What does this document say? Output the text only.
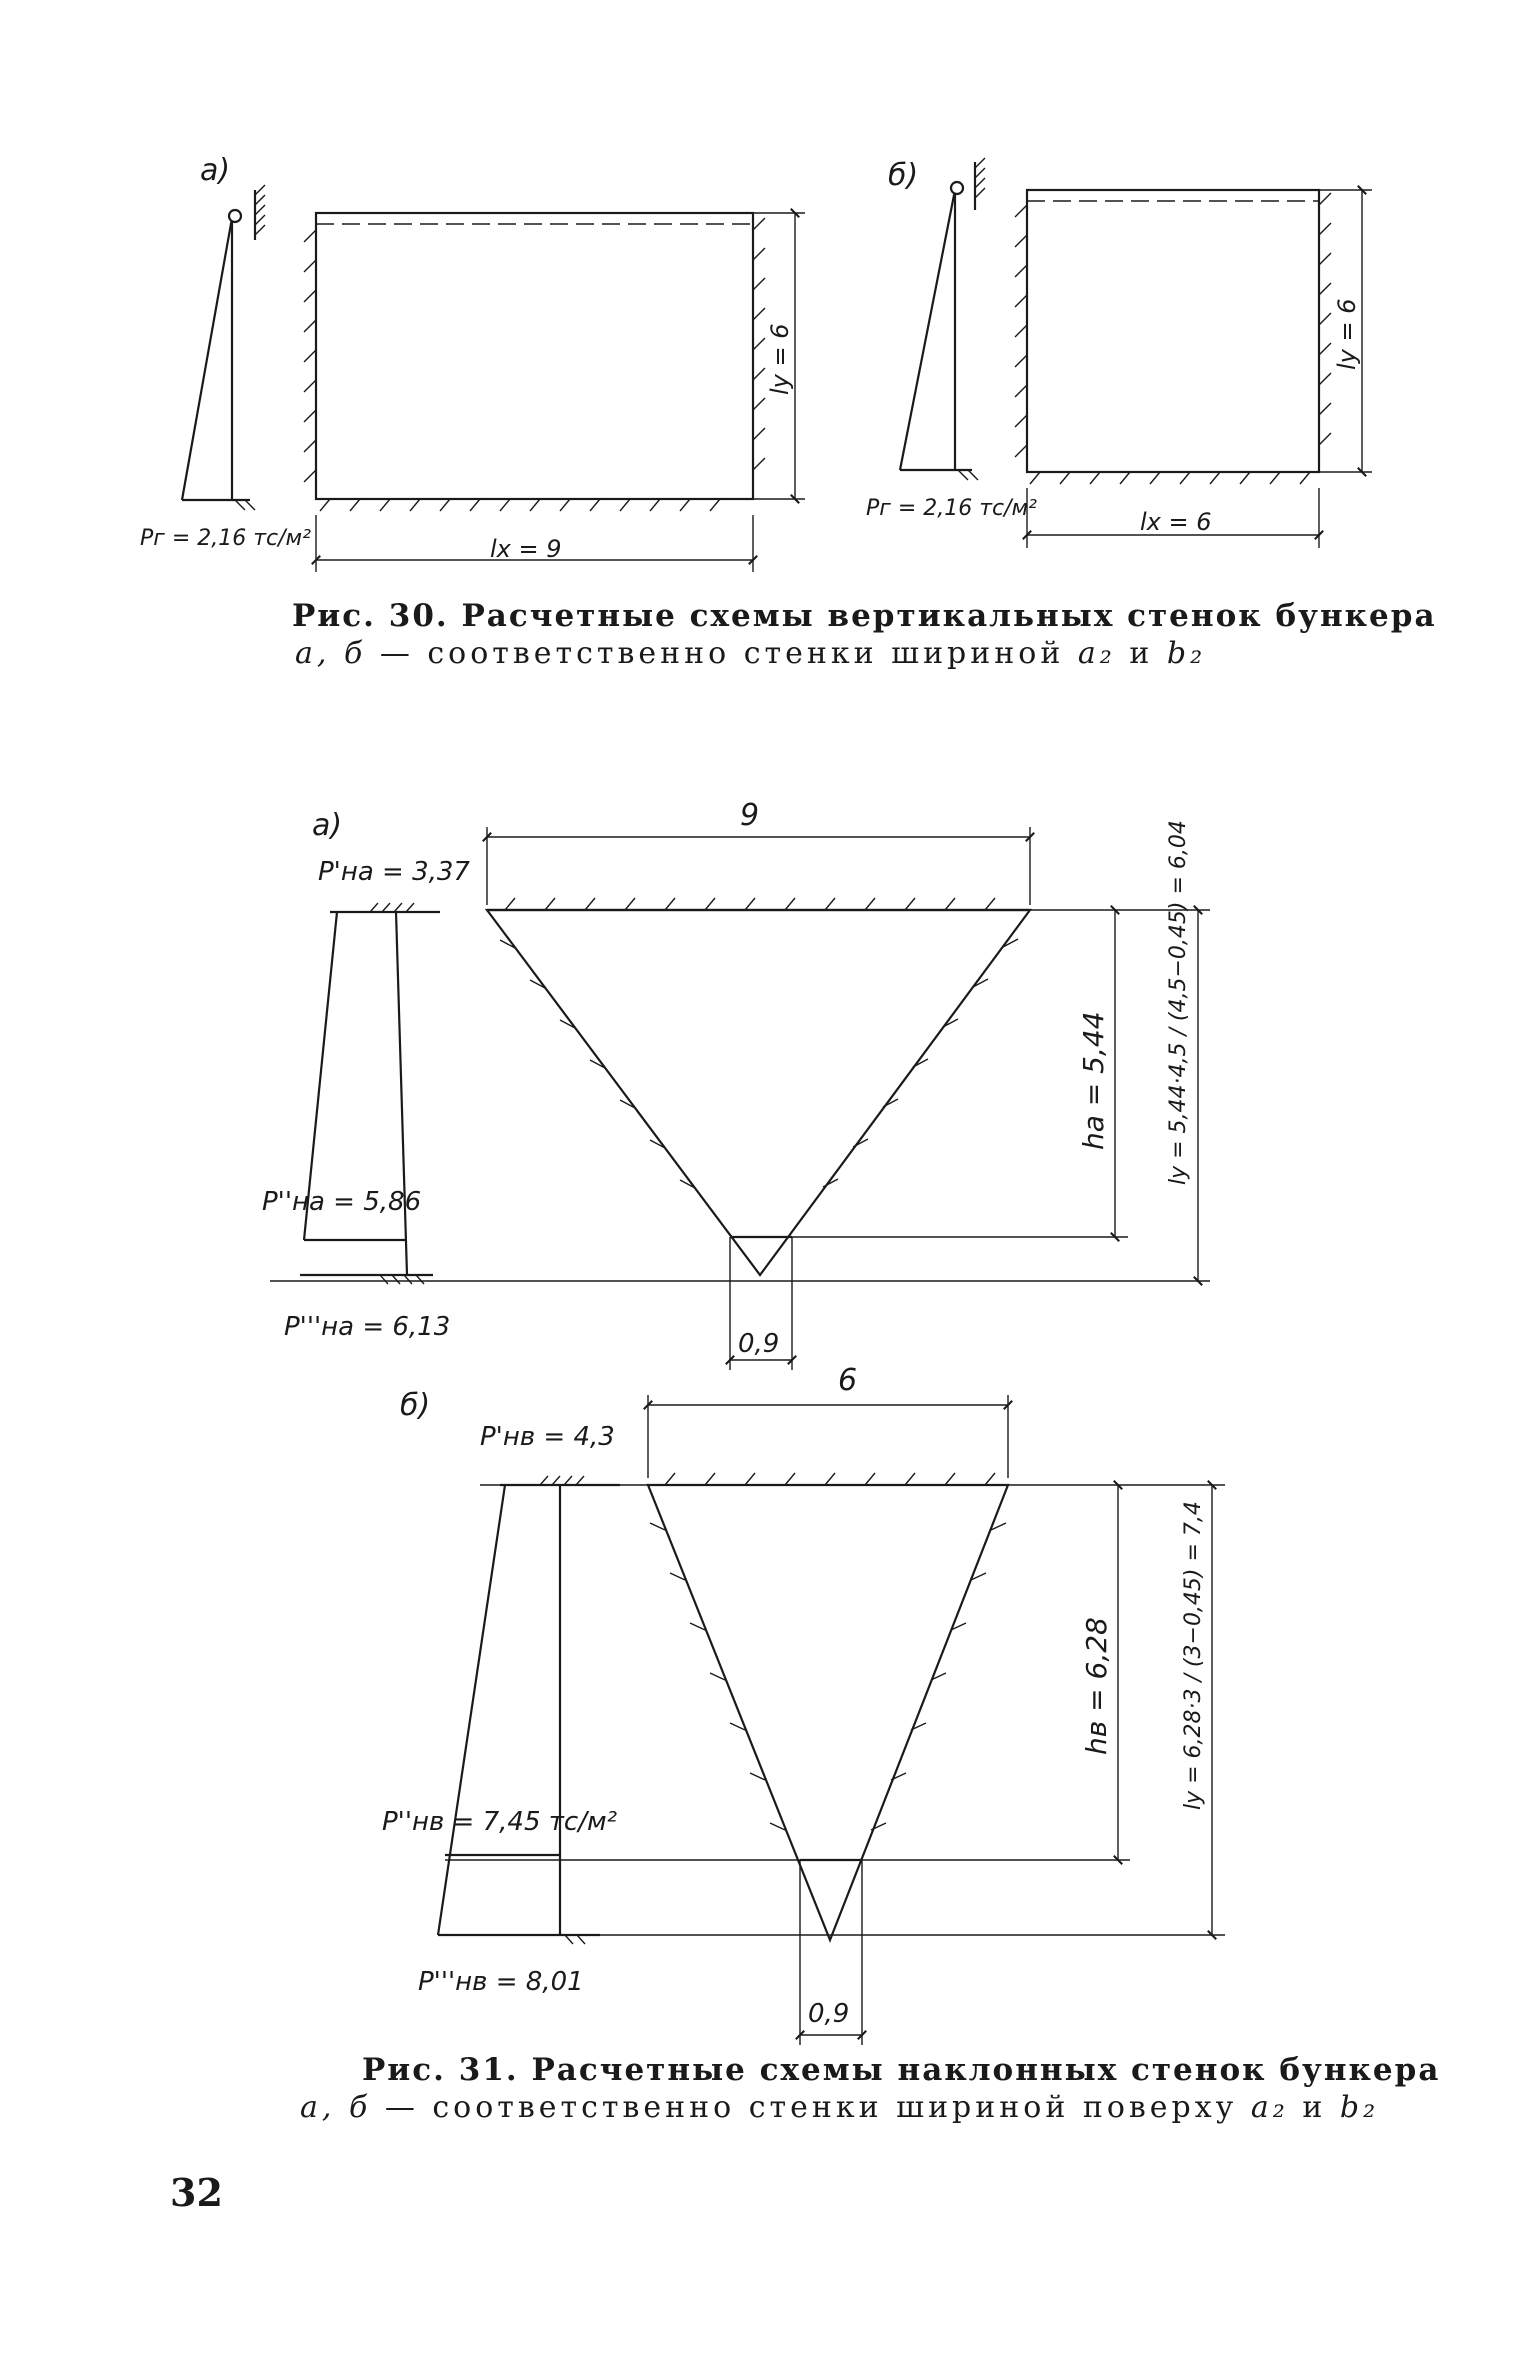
a)
Pг = 2,16 тс/м²
ly = 6
lx = 9
б)
Pг = 2,16 тс/м²
ly = 6
lx = 6
а)
P'на = 3,37
P''на = 5,86
P'''на = 6,13
9
hа = 5,44	ly = 5,44·4,5 / (4,5−0,45) = 6,04
0,9
б)
P'нв = 4,3
P''нв = 7,45 тс/м²
P'''нв = 8,01
6
hв = 6,28	ly = 6,28·3 / (3−0,45) = 7,4
0,9
Рис. 30. Расчетные схемы вертикальных стенок бункера
а, б — соответственно стенки шириной a₂ и b₂
Рис. 31. Расчетные схемы наклонных стенок бункера
а, б — соответственно стенки шириной поверху a₂ и b₂
32
